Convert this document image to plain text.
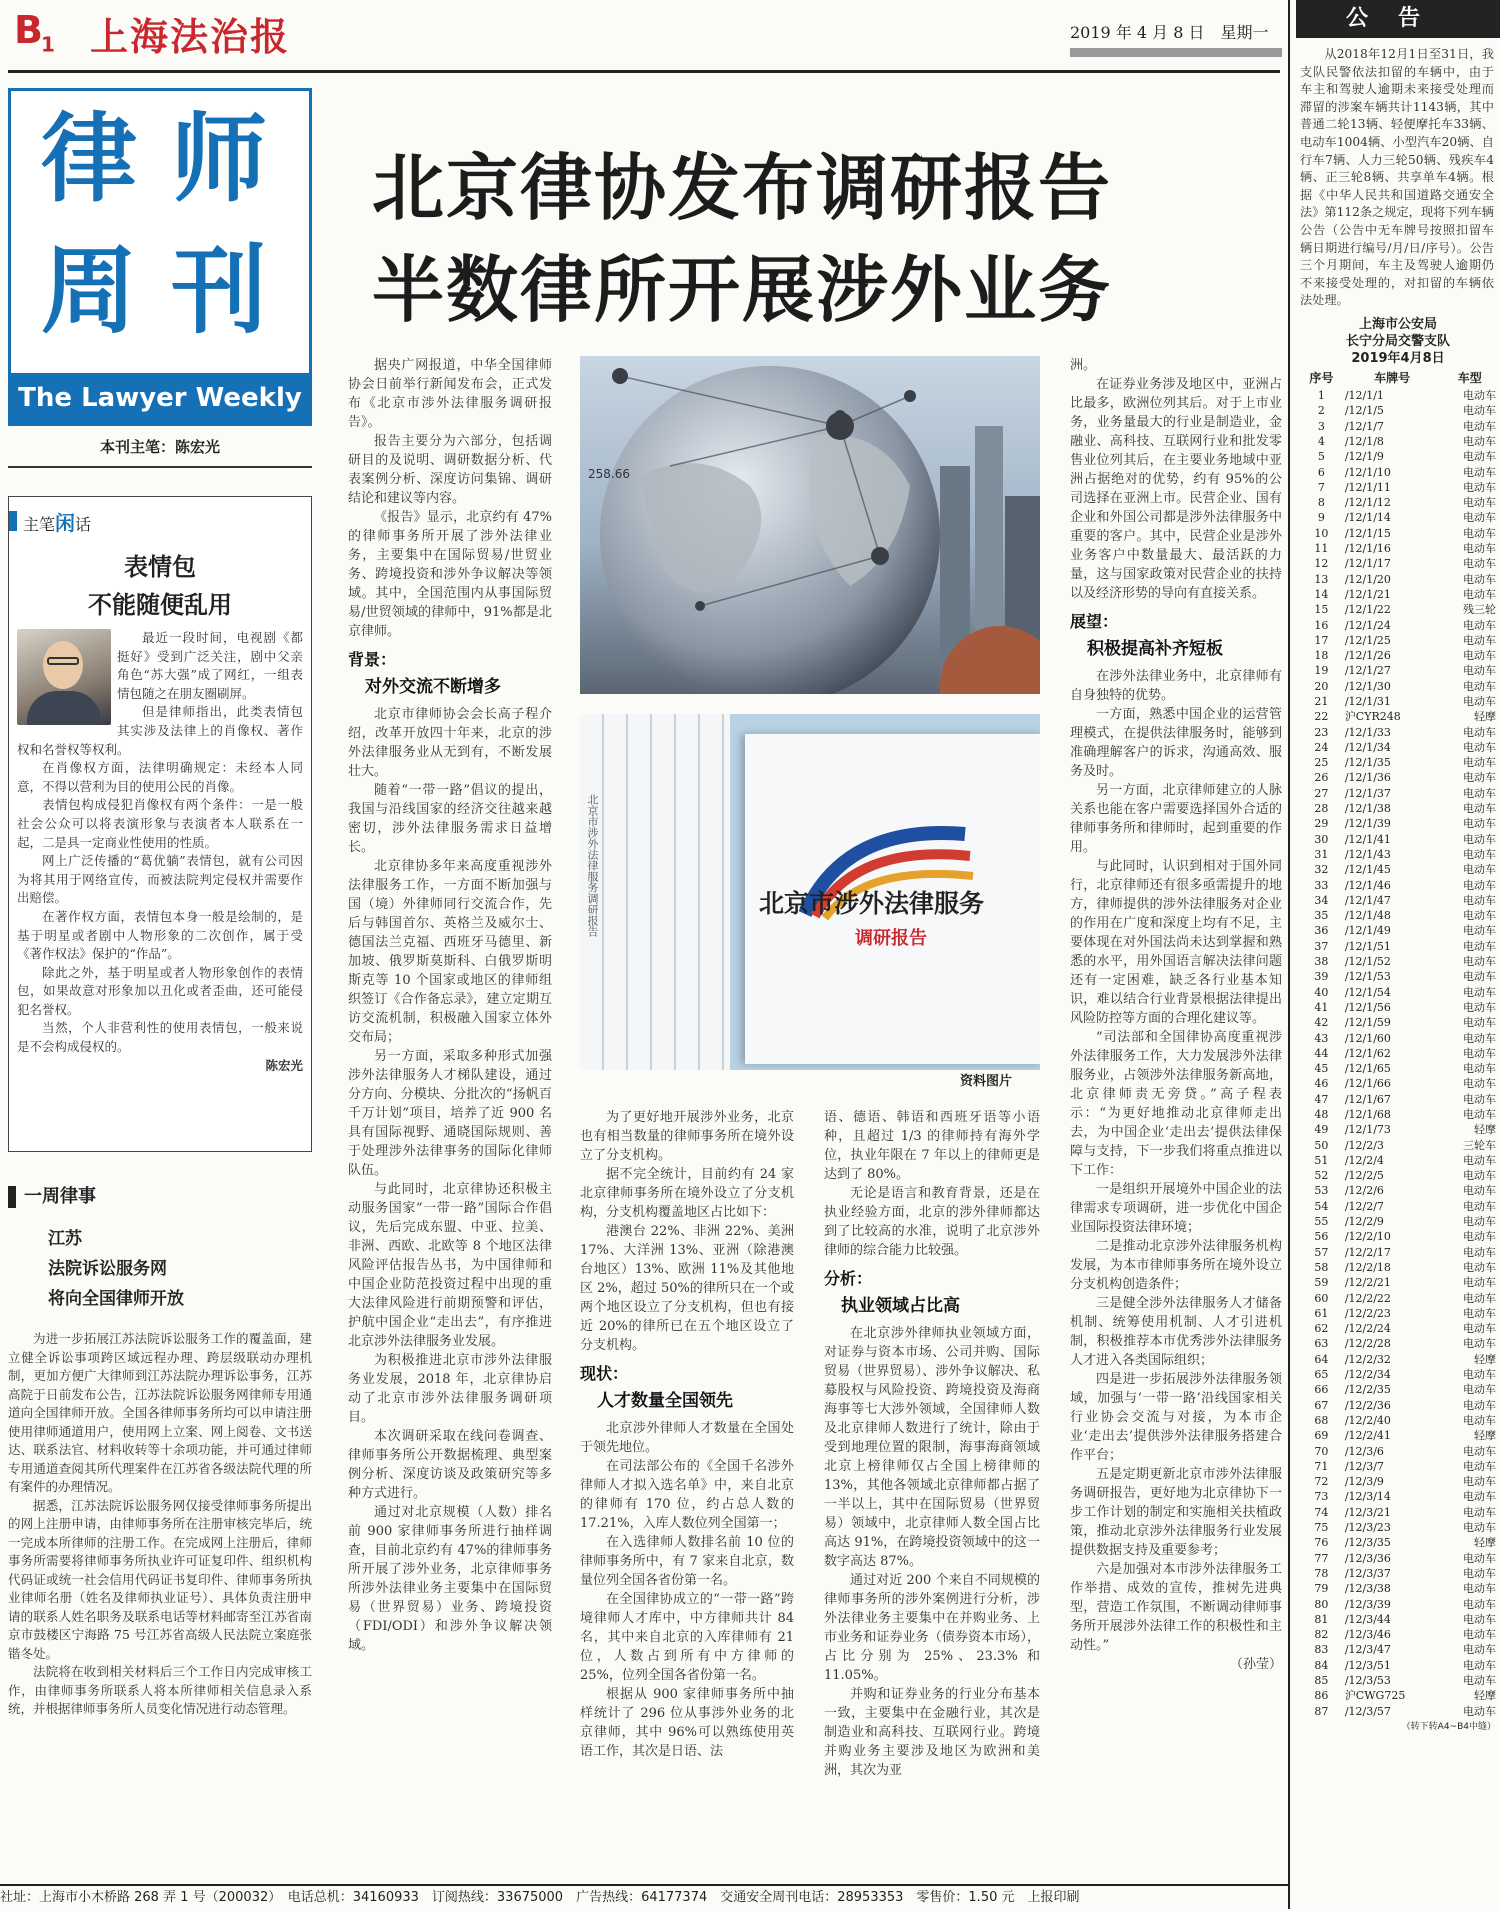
$B_1$ 上海法治报	2019 年 4 月 8 日　 星期一
律 师
周 刊
The Lawyer Weekly
本刊主笔：陈宏光
北京律协发布调研报告
半数律所开展涉外业务
主笔闲话
表情包
不能随便乱用

最近一段时间，电视剧《都挺好》受到广泛关注，剧中父亲角色“苏大强”成了网红，一组表情包随之在朋友圈刷屏。

但是律师指出，此类表情包其实涉及法律上的肖像权、著作权和名誉权等权利。

在肖像权方面，法律明确规定：未经本人同意，不得以营利为目的使用公民的肖像。

表情包构成侵犯肖像权有两个条件：一是一般社会公众可以将表演形象与表演者本人联系在一起，二是具一定商业性使用的性质。

网上广泛传播的“葛优躺”表情包，就有公司因为将其用于网络宣传，而被法院判定侵权并需要作出赔偿。

在著作权方面，表情包本身一般是绘制的，是基于明星或者剧中人物形象的二次创作，属于受《著作权法》保护的“作品”。

除此之外，基于明星或者人物形象创作的表情包，如果故意对形象加以丑化或者歪曲，还可能侵犯名誉权。

当然，个人非营利性的使用表情包，一般来说是不会构成侵权的。

陈宏光
一周律事
江苏
法院诉讼服务网
将向全国律师开放

为进一步拓展江苏法院诉讼服务工作的覆盖面，建立健全诉讼事项跨区域远程办理、跨层级联动办理机制，更加方便广大律师到江苏法院办理诉讼事务，江苏高院于日前发布公告，江苏法院诉讼服务网律师专用通道向全国律师开放。全国各律师事务所均可以申请注册使用律师通道用户，使用网上立案、网上阅卷、文书送达、联系法官、材料收转等十余项功能，并可通过律师专用通道查阅其所代理案件在江苏省各级法院代理的所有案件的办理情况。

据悉，江苏法院诉讼服务网仅接受律师事务所提出的网上注册申请，由律师事务所在注册审核完毕后，统一完成本所律师的注册工作。在完成网上注册后，律师事务所需要将律师事务所执业许可证复印件、组织机构代码证或统一社会信用代码证书复印件、律师事务所执业律师名册（姓名及律师执业证号）、具体负责注册申请的联系人姓名职务及联系电话等材料邮寄至江苏省南京市鼓楼区宁海路 75 号江苏省高级人民法院立案庭张锴冬处。

法院将在收到相关材料后三个工作日内完成审核工作，由律师事务所联系人将本所律师相关信息录入系统，并根据律师事务所人员变化情况进行动态管理。

据央广网报道，中华全国律师协会日前举行新闻发布会，正式发布《北京市涉外法律服务调研报告》。

报告主要分为六部分，包括调研目的及说明、调研数据分析、代表案例分析、深度访问集锦、调研结论和建议等内容。

《报告》显示，北京约有 47%的律师事务所开展了涉外法律业务，主要集中在国际贸易/世贸业务、跨境投资和涉外争议解决等领域。其中，全国范围内从事国际贸易/世贸领域的律师中，91%都是北京律师。

背景：
对外交流不断增多

北京市律师协会会长高子程介绍，改革开放四十年来，北京的涉外法律服务业从无到有，不断发展壮大。

随着“一带一路”倡议的提出，我国与沿线国家的经济交往越来越密切，涉外法律服务需求日益增长。

北京律协多年来高度重视涉外法律服务工作，一方面不断加强与国（境）外律师同行交流合作，先后与韩国首尔、英格兰及威尔士、德国法兰克福、西班牙马德里、新加坡、俄罗斯莫斯科、白俄罗斯明斯克等 10 个国家或地区的律师组织签订《合作备忘录》，建立定期互访交流机制，积极融入国家立体外交布局；

另一方面，采取多种形式加强涉外法律服务人才梯队建设，通过分方向、分模块、分批次的“扬帆百千万计划”项目，培养了近 900 名具有国际视野、通晓国际规则、善于处理涉外法律事务的国际化律师队伍。

与此同时，北京律协还积极主动服务国家“一带一路”国际合作倡议，先后完成东盟、中亚、拉美、非洲、西欧、北欧等 8 个地区法律风险评估报告丛书，为中国律师和中国企业防范投资过程中出现的重大法律风险进行前期预警和评估，护航中国企业“走出去”，有序推进北京涉外法律服务业发展。

为积极推进北京市涉外法律服务业发展，2018 年，北京律协启动了北京市涉外法律服务调研项目。

本次调研采取在线问卷调查、律师事务所公开数据梳理、典型案例分析、深度访谈及政策研究等多种方式进行。

通过对北京规模（人数）排名前 900 家律师事务所进行抽样调查，目前北京约有 47%的律师事务所开展了涉外业务，北京律师事务所涉外法律业务主要集中在国际贸易（世界贸易）业务、跨境投资（FDI/ODI）和涉外争议解决领域。

258.66
北京市涉外法律服务调研报告	北京市涉外法律服务
调研报告
资料图片

为了更好地开展涉外业务，北京也有相当数量的律师事务所在境外设立了分支机构。

据不完全统计，目前约有 24 家北京律师事务所在境外设立了分支机构，分支机构覆盖地区占比如下：

港澳台 22%、非洲 22%、美洲 17%、大洋洲 13%、亚洲（除港澳台地区）13%、欧洲 11%及其他地区 2%，超过 50%的律所只在一个或两个地区设立了分支机构，但也有接近 20%的律所已在五个地区设立了分支机构。

现状：
人才数量全国领先

北京涉外律师人才数量在全国处于领先地位。

在司法部公布的《全国千名涉外律师人才拟入选名单》中，来自北京的律师有 170 位，约占总人数的 17.21%，入库人数位列全国第一；

在入选律师人数排名前 10 位的律师事务所中，有 7 家来自北京，数量位列全国各省份第一名。

在全国律协成立的“一带一路”跨境律师人才库中，中方律师共计 84 名，其中来自北京的入库律师有 21 位，人数占到所有中方律师的 25%，位列全国各省份第一名。

根据从 900 家律师事务所中抽样统计了 296 位从事涉外业务的北京律师，其中 96%可以熟练使用英语工作，其次是日语、法

语、德语、韩语和西班牙语等小语种，且超过 1/3 的律师持有海外学位，执业年限在 7 年以上的律师更是达到了 80%。

无论是语言和教育背景，还是在执业经验方面，北京的涉外律师都达到了比较高的水准，说明了北京涉外律师的综合能力比较强。

分析：
执业领域占比高

在北京涉外律师执业领域方面，对证券与资本市场、公司并购、国际贸易（世界贸易）、涉外争议解决、私募股权与风险投资、跨境投资及海商海事等七大涉外领域，全国律师人数及北京律师人数进行了统计，除由于受到地理位置的限制，海事海商领域北京上榜律师仅占全国上榜律师的 13%，其他各领域北京律师都占据了一半以上，其中在国际贸易（世界贸易）领域中，北京律师人数全国占比高达 91%，在跨境投资领域中的这一数字高达 87%。

通过对近 200 个来自不同规模的律师事务所的涉外案例进行分析，涉外法律业务主要集中在并购业务、上市业务和证券业务（债券资本市场），占比分别为 25%、23.3% 和 11.05%。

并购和证券业务的行业分布基本一致，主要集中在金融行业，其次是制造业和高科技、互联网行业。跨境并购业务主要涉及地区为欧洲和美洲，其次为亚

洲。

在证券业务涉及地区中，亚洲占比最多，欧洲位列其后。对于上市业务，业务量最大的行业是制造业，金融业、高科技、互联网行业和批发零售业位列其后，在主要业务地域中亚洲占据绝对的优势，约有 95%的公司选择在亚洲上市。民营企业、国有企业和外国公司都是涉外法律服务中重要的客户。其中，民营企业是涉外业务客户中数量最大、最活跃的力量，这与国家政策对民营企业的扶持以及经济形势的导向有直接关系。

展望：
积极提高补齐短板

在涉外法律业务中，北京律师有自身独特的优势。

一方面，熟悉中国企业的运营管理模式，在提供法律服务时，能够到准确理解客户的诉求，沟通高效、服务及时。

另一方面，北京律师建立的人脉关系也能在客户需要选择国外合适的律师事务所和律师时，起到重要的作用。

与此同时，认识到相对于国外同行，北京律师还有很多亟需提升的地方，律师提供的涉外法律服务对企业的作用在广度和深度上均有不足，主要体现在对外国法尚未达到掌握和熟悉的水平，用外国语言解决法律问题还有一定困难，缺乏各行业基本知识，难以结合行业背景根据法律提出风险防控等方面的合理化建议等。

“司法部和全国律协高度重视涉外法律服务工作，大力发展涉外法律服务业，占领涉外法律服务新高地，北京律师责无旁贷。”高子程表示：“为更好地推动北京律师走出去，为中国企业‘走出去’提供法律保障与支持，下一步我们将重点推进以下工作：

一是组织开展境外中国企业的法律需求专项调研，进一步优化中国企业国际投资法律环境；

二是推动北京涉外法律服务机构发展，为本市律师事务所在境外设立分支机构创造条件；

三是健全涉外法律服务人才储备机制、统筹使用机制、人才引进机制，积极推荐本市优秀涉外法律服务人才进入各类国际组织；

四是进一步拓展涉外法律服务领域，加强与‘一带一路’沿线国家相关行业协会交流与对接，为本市企业‘走出去’提供涉外法律服务搭建合作平台；

五是定期更新北京市涉外法律服务调研报告，更好地为北京律协下一步工作计划的制定和实施相关扶植政策，推动北京涉外法律服务行业发展提供数据支持及重要参考；

六是加强对本市涉外法律服务工作举措、成效的宣传，推树先进典型，营造工作氛围，不断调动律师事务所开展涉外法律工作的积极性和主动性。”

（孙莹）
公告

从2018年12月1日至31日，我支队民警依法扣留的车辆中，由于车主和驾驶人逾期未来接受处理而滞留的涉案车辆共计1143辆，其中普通二轮13辆、轻便摩托车33辆、电动车1004辆、小型汽车20辆、自行车7辆、人力三轮50辆、残疾车4辆、正三轮8辆、共享单车4辆。根据《中华人民共和国道路交通安全法》第112条之规定，现将下列车辆公告（公告中无车牌号按照扣留车辆日期进行编号/月/日/序号）。公告三个月期间，车主及驾驶人逾期仍不来接受处理的，对扣留的车辆依法处理。

上海市公安局
长宁分局交警支队
2019年4月8日
序号	车牌号	车型
1	/12/1/1	电动车
2	/12/1/5	电动车
3	/12/1/7	电动车
4	/12/1/8	电动车
5	/12/1/9	电动车
6	/12/1/10	电动车
7	/12/1/11	电动车
8	/12/1/12	电动车
9	/12/1/14	电动车
10	/12/1/15	电动车
11	/12/1/16	电动车
12	/12/1/17	电动车
13	/12/1/20	电动车
14	/12/1/21	电动车
15	/12/1/22	残三轮
16	/12/1/24	电动车
17	/12/1/25	电动车
18	/12/1/26	电动车
19	/12/1/27	电动车
20	/12/1/30	电动车
21	/12/1/31	电动车
22	沪CYR248	轻摩
23	/12/1/33	电动车
24	/12/1/34	电动车
25	/12/1/35	电动车
26	/12/1/36	电动车
27	/12/1/37	电动车
28	/12/1/38	电动车
29	/12/1/39	电动车
30	/12/1/41	电动车
31	/12/1/43	电动车
32	/12/1/45	电动车
33	/12/1/46	电动车
34	/12/1/47	电动车
35	/12/1/48	电动车
36	/12/1/49	电动车
37	/12/1/51	电动车
38	/12/1/52	电动车
39	/12/1/53	电动车
40	/12/1/54	电动车
41	/12/1/56	电动车
42	/12/1/59	电动车
43	/12/1/60	电动车
44	/12/1/62	电动车
45	/12/1/65	电动车
46	/12/1/66	电动车
47	/12/1/67	电动车
48	/12/1/68	电动车
49	/12/1/73	轻摩
50	/12/2/3	三轮车
51	/12/2/4	电动车
52	/12/2/5	电动车
53	/12/2/6	电动车
54	/12/2/7	电动车
55	/12/2/9	电动车
56	/12/2/10	电动车
57	/12/2/17	电动车
58	/12/2/18	电动车
59	/12/2/21	电动车
60	/12/2/22	电动车
61	/12/2/23	电动车
62	/12/2/24	电动车
63	/12/2/28	电动车
64	/12/2/32	轻摩
65	/12/2/34	电动车
66	/12/2/35	电动车
67	/12/2/36	电动车
68	/12/2/40	电动车
69	/12/2/41	轻摩
70	/12/3/6	电动车
71	/12/3/7	电动车
72	/12/3/9	电动车
73	/12/3/14	电动车
74	/12/3/21	电动车
75	/12/3/23	电动车
76	/12/3/35	轻摩
77	/12/3/36	电动车
78	/12/3/37	电动车
79	/12/3/38	电动车
80	/12/3/39	电动车
81	/12/3/44	电动车
82	/12/3/46	电动车
83	/12/3/47	电动车
84	/12/3/51	电动车
85	/12/3/53	电动车
86	沪CWG725	轻摩
87	/12/3/57	电动车
（转下转A4~B4中缝）
社址：上海市小木桥路 268 弄 1 号（200032）　电话总机：34160933　订阅热线：33675000　广告热线：64177374　交通安全周刊电话：28953353　零售价：1.50 元　上报印刷
